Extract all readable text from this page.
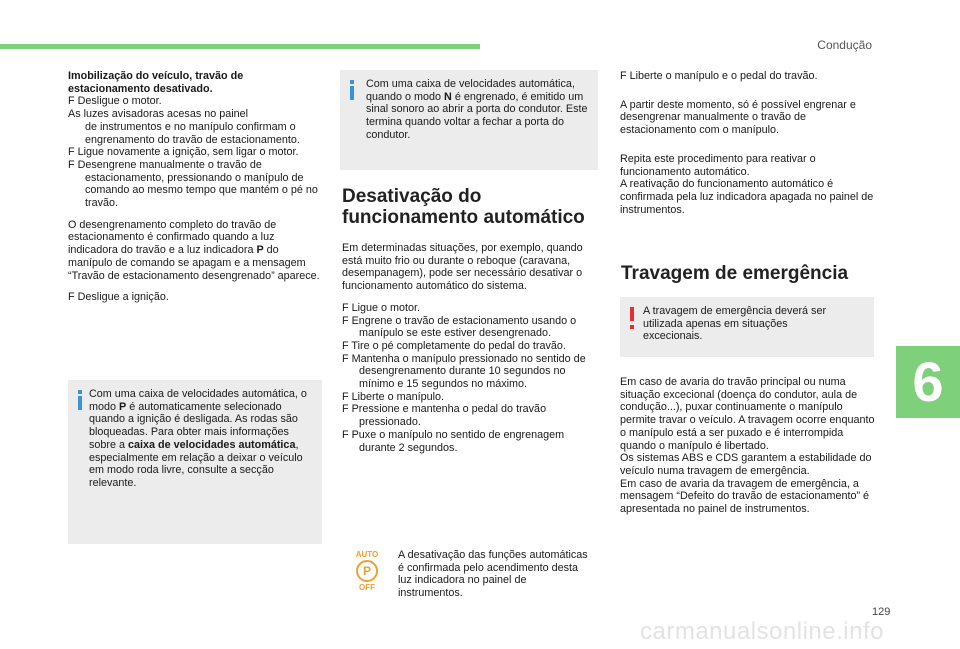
Condução

Imobilização do veículo, travão de estacionamento desativado.

F Desligue o motor.

As luzes avisadoras acesas no painel

de instrumentos e no manípulo confirmam o engrenamento do travão de estacionamento.

F Ligue novamente a ignição, sem ligar o motor.

F Desengrene manualmente o travão de estacionamento, pressionando o manípulo de comando ao mesmo tempo que mantém o pé no travão.

O desengrenamento completo do travão de estacionamento é confirmado quando a luz indicadora do travão e a luz indicadora P do manípulo de comando se apagam e a mensagem “Travão de estacionamento desengrenado” aparece.

F Desligue a ignição.

Com uma caixa de velocidades automática, o modo P é automaticamente selecionado quando a ignição é desligada. As rodas são bloqueadas. Para obter mais informações sobre a caixa de velocidades automática, especialmente em relação a deixar o veículo em modo roda livre, consulte a secção relevante.

Com uma caixa de velocidades automática, quando o modo N é engrenado, é emitido um sinal sonoro ao abrir a porta do condutor. Este termina quando voltar a fechar a porta do condutor.

Desativação do funcionamento automático

Em determinadas situações, por exemplo, quando está muito frio ou durante o reboque (caravana, desempanagem), pode ser necessário desativar o funcionamento automático do sistema.

F Ligue o motor.

F Engrene o travão de estacionamento usando o manípulo se este estiver desengrenado.

F Tire o pé completamente do pedal do travão.

F Mantenha o manípulo pressionado no sentido de desengrenamento durante 10 segundos no mínimo e 15 segundos no máximo.

F Liberte o manípulo.

F Pressione e mantenha o pedal do travão pressionado.

F Puxe o manípulo no sentido de engrenagem durante 2 segundos.

AUTO
P
OFF

A desativação das funções automáticas é confirmada pelo acendimento desta luz indicadora no painel de instrumentos.

F Liberte o manípulo e o pedal do travão.

A partir deste momento, só é possível engrenar e desengrenar manualmente o travão de estacionamento com o manípulo.

Repita este procedimento para reativar o funcionamento automático.

A reativação do funcionamento automático é confirmada pela luz indicadora apagada no painel de instrumentos.

Travagem de emergência

A travagem de emergência deverá ser utilizada apenas em situações excecionais.

Em caso de avaria do travão principal ou numa situação excecional (doença do condutor, aula de condução...), puxar continuamente o manípulo permite travar o veículo. A travagem ocorre enquanto o manípulo está a ser puxado e é interrompida quando o manípulo é libertado.

Os sistemas ABS e CDS garantem a estabilidade do veículo numa travagem de emergência.

Em caso de avaria da travagem de emergência, a mensagem “Defeito do travão de estacionamento” é apresentada no painel de instrumentos.

6
129
carmanualsonline.info
